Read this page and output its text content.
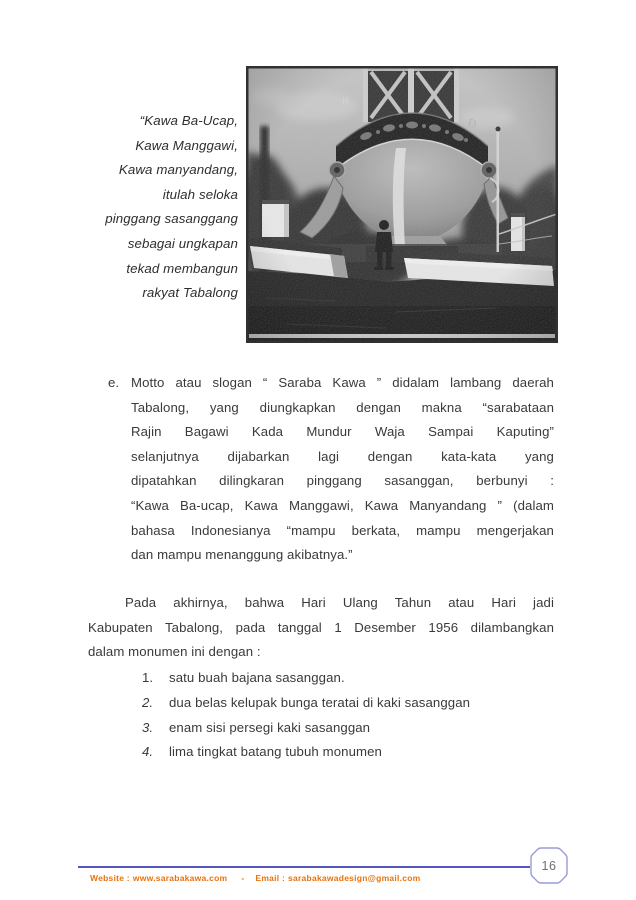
“Kawa Ba-Ucap,
Kawa Manggawi,
Kawa manyandang,
itulah seloka
pinggang sasanggang
sebagai ungkapan
tekad membangun
rakyat Tabalong
e. Motto atau slogan “ Saraba Kawa ” didalam lambang daerah
Tabalong, yang diungkapkan dengan makna “sarabataan
Rajin Bagawi Kada Mundur Waja Sampai Kaputing”
selanjutnya dijabarkan lagi dengan kata-kata yang
dipatahkan dilingkaran pinggang sasanggan, berbunyi :
“Kawa Ba-ucap, Kawa Manggawi, Kawa Manyandang ” (dalam
bahasa Indonesianya “mampu berkata, mampu mengerjakan
dan mampu menanggung akibatnya.”
Pada akhirnya, bahwa Hari Ulang Tahun atau Hari jadi
Kabupaten Tabalong, pada tanggal 1 Desember 1956 dilambangkan
dalam monumen ini dengan :
1. satu buah bajana sasanggan.
2. dua belas kelupak bunga teratai di kaki sasanggan
3. enam sisi persegi kaki sasanggan
4. lima tingkat batang tubuh monumen
Website : www.sarabakawa.com - Email : sarabakawadesign@gmail.com
16
